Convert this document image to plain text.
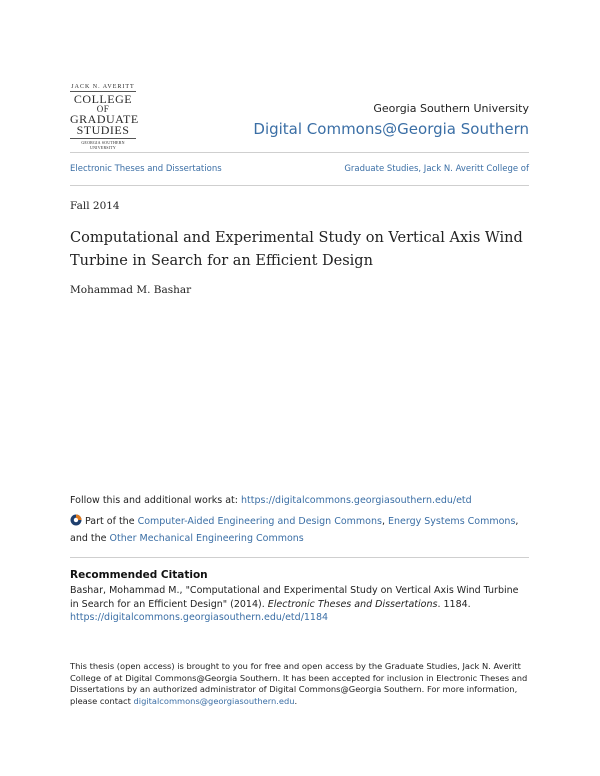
JACK N. AVERITT
COLLEGE
OF
GRADUATE
STUDIES
GEORGIA SOUTHERN UNIVERSITY
Georgia Southern University
Digital Commons@Georgia Southern
Electronic Theses and Dissertations	Graduate Studies, Jack N. Averitt College of
Fall 2014
Computational and Experimental Study on Vertical Axis Wind Turbine in Search for an Efficient Design
Mohammad M. Bashar
Follow this and additional works at: https://digitalcommons.georgiasouthern.edu/etd
Part of the Computer-Aided Engineering and Design Commons, Energy Systems Commons, and the Other Mechanical Engineering Commons
Recommended Citation
Bashar, Mohammad M., "Computational and Experimental Study on Vertical Axis Wind Turbine in Search for an Efficient Design" (2014). Electronic Theses and Dissertations. 1184.
https://digitalcommons.georgiasouthern.edu/etd/1184
This thesis (open access) is brought to you for free and open access by the Graduate Studies, Jack N. Averitt College of at Digital Commons@Georgia Southern. It has been accepted for inclusion in Electronic Theses and Dissertations by an authorized administrator of Digital Commons@Georgia Southern. For more information, please contact digitalcommons@georgiasouthern.edu.
